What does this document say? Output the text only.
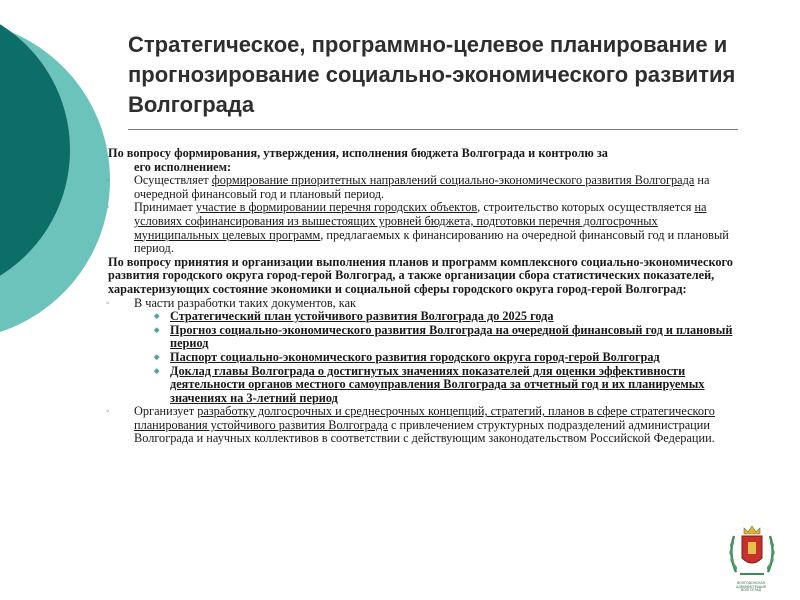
Стратегическое, программно-целевое планирование и прогнозирование социально-экономического развития Волгограда

По вопросу формирования, утверждения, исполнения бюджета Волгограда и контролю за
его исполнением:

◦ Осуществляет формирование приоритетных направлений социально-экономического развития Волгограда на очередной финансовый год и плановый период.

◦ Принимает участие в формировании перечня городских объектов, строительство которых осуществляется на условиях софинансирования из вышестоящих уровней бюджета, подготовки перечня долгосрочных муниципальных целевых программ, предлагаемых к финансированию на очередной финансовый год и плановый период.

По вопросу принятия и организации выполнения планов и программ комплексного социально-экономического развития городского округа город-герой Волгоград, а также организации сбора статистических показателей, характеризующих состояние экономики и социальной сферы городского округа город-герой Волгоград:

◦ В части разработки таких документов, как

◆ Стратегический план устойчивого развития Волгограда до 2025 года

◆ Прогноз социально-экономического развития Волгограда на очередной финансовый год и плановый период

◆ Паспорт социально-экономического развития городского округа город-герой Волгоград

◆ Доклад главы Волгограда о достигнутых значениях показателей для оценки эффективности деятельности органов местного самоуправления Волгограда за отчетный год и их планируемых значениях на 3-летний период

◦ Организует разработку долгосрочных и среднесрочных концепций, стратегий, планов в сфере стратегического планирования устойчивого развития Волгограда с привлечением структурных подразделений администрации Волгограда и научных коллективов в соответствии с действующим законодательством Российской Федерации.

ВОЛГОДОНСКАЯ АДМИНИСТРАЦИЯ ВОЛГОГРАД
